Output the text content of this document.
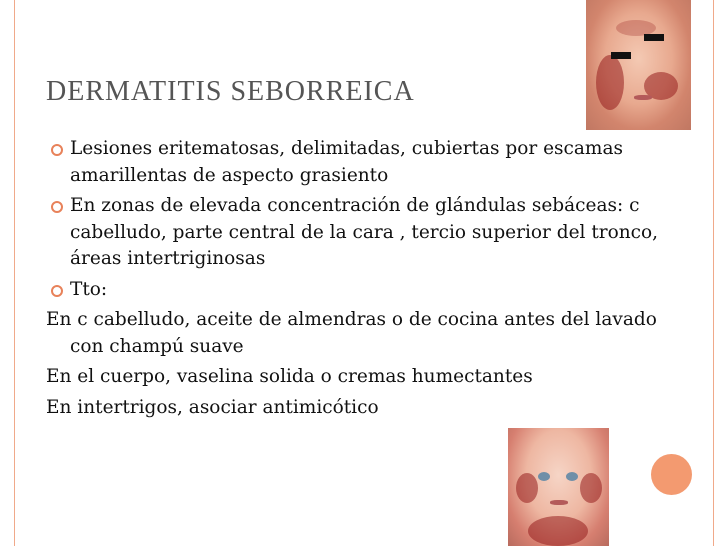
DERMATITIS SEBORREICA
Lesiones eritematosas, delimitadas, cubiertas por escamas amarillentas de aspecto grasiento
En zonas de elevada concentración de glándulas sebáceas: c cabelludo, parte central de la cara , tercio superior del tronco, áreas intertriginosas
Tto:
En c cabelludo, aceite de almendras o de cocina antes del lavado con champú suave
En el cuerpo, vaselina solida o cremas humectantes
En intertrigos, asociar antimicótico
